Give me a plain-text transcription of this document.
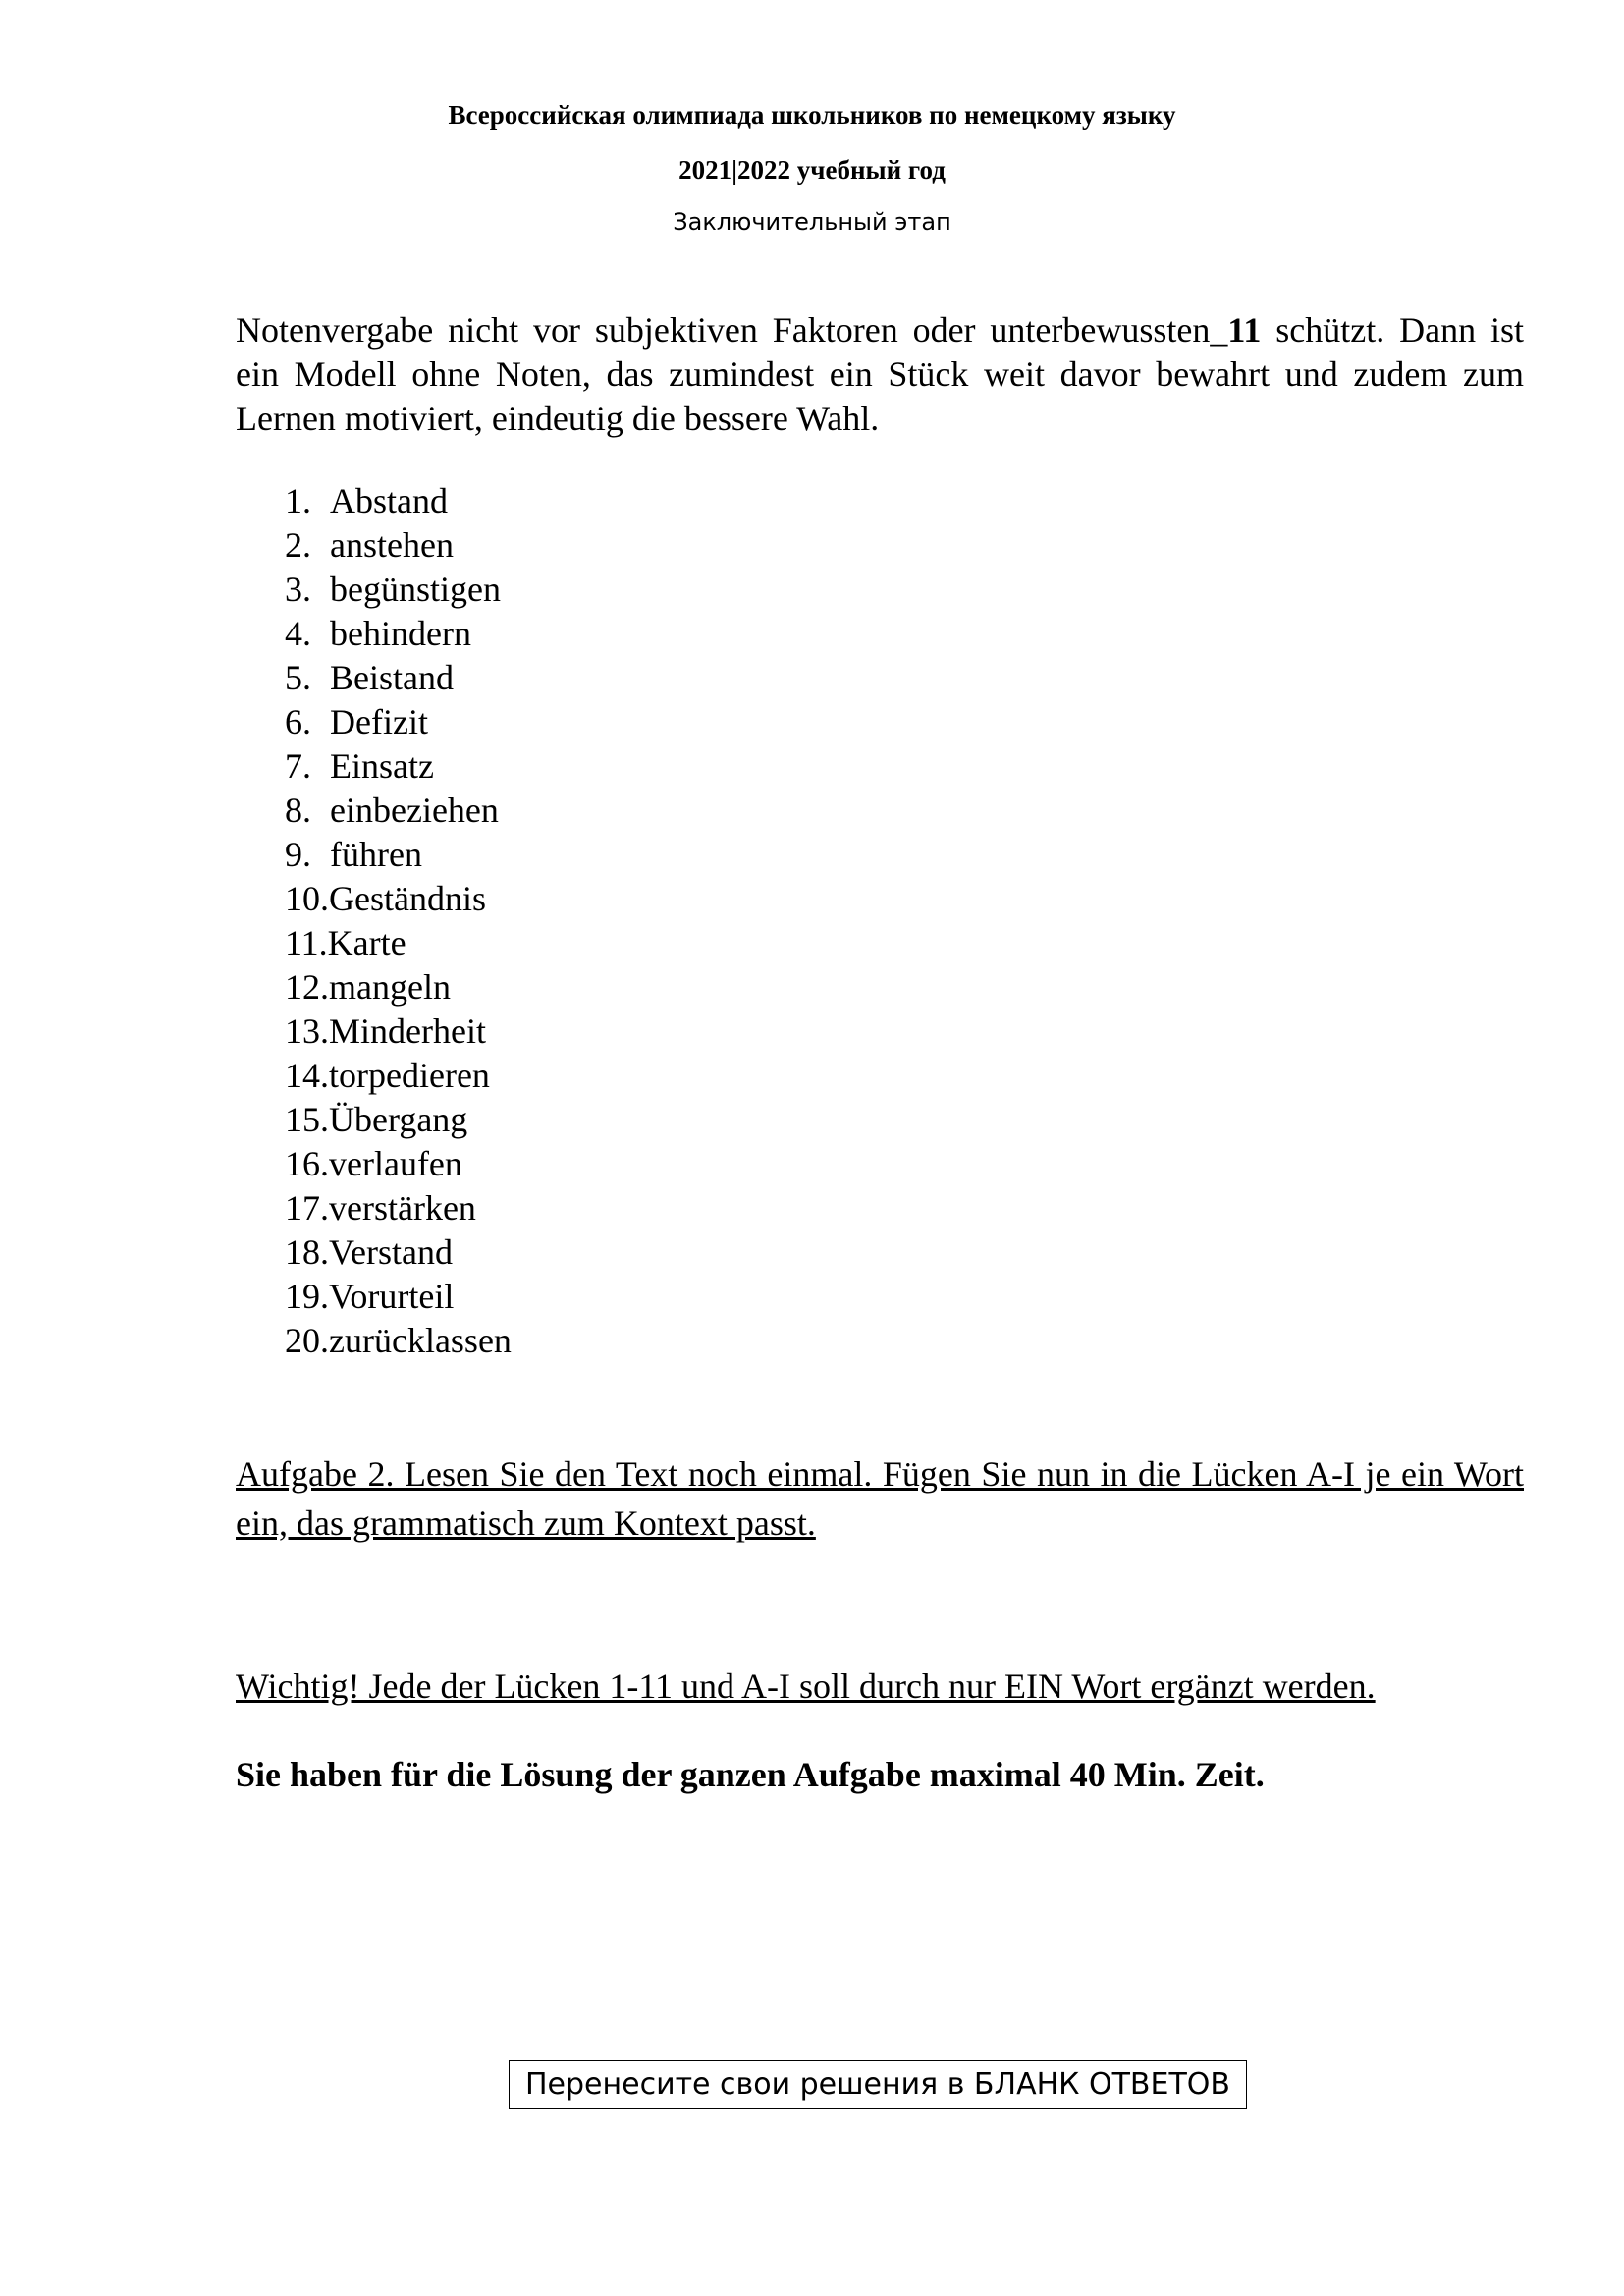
Всероссийская олимпиада школьников по немецкому языку
2021|2022 учебный год
Заключительный этап

Notenvergabe nicht vor subjektiven Faktoren oder unterbewussten_11 schützt. Dann ist ein Modell ohne Noten, das zumindest ein Stück weit davor bewahrt und zudem zum Lernen motiviert, eindeutig die bessere Wahl.

1. Abstand
2. anstehen
3. begünstigen
4. behindern
5. Beistand
6. Defizit
7. Einsatz
8. einbeziehen
9. führen
10.Geständnis
11.Karte
12.mangeln
13.Minderheit
14.torpedieren
15.Übergang
16.verlaufen
17.verstärken
18.Verstand
19.Vorurteil
20.zurücklassen

Aufgabe 2. Lesen Sie den Text noch einmal. Fügen Sie nun in die Lücken A-I je ein Wort ein, das grammatisch zum Kontext passt.

Wichtig! Jede der Lücken 1-11 und A-I soll durch nur EIN Wort ergänzt werden.

Sie haben für die Lösung der ganzen Aufgabe maximal 40 Min. Zeit.

Перенесите свои решения в БЛАНК ОТВЕТОВ
